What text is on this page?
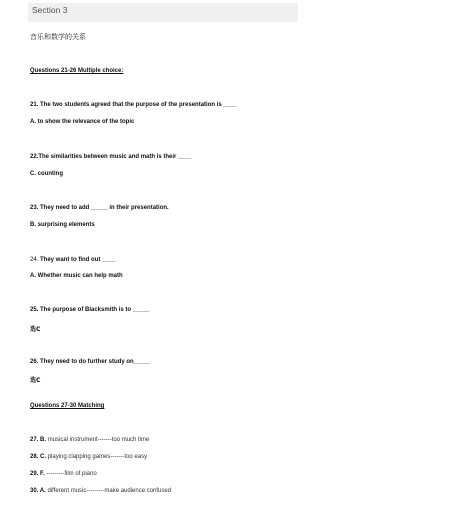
Section 3
音乐和数学的关系
Questions 21-26 Multiple choice:
21. The two students agreed that the purpose of the presentation is ____
A. to show the relevance of the topic
22.The similarities between music and math is their ____
C. counting
23. They need to add _____ in their presentation.
B. surprising elements
24. They want to find out ____
A. Whether music can help math
25. The purpose of Blacksmith is to _____
选C
26. They need to do further study on_____
选C
Questions 27-30 Matching
27. B. musical instrument-------too much time
28. C. playing clapping games-------too easy
29. F. ---------film of piano
30. A. different music---------make audience confused
